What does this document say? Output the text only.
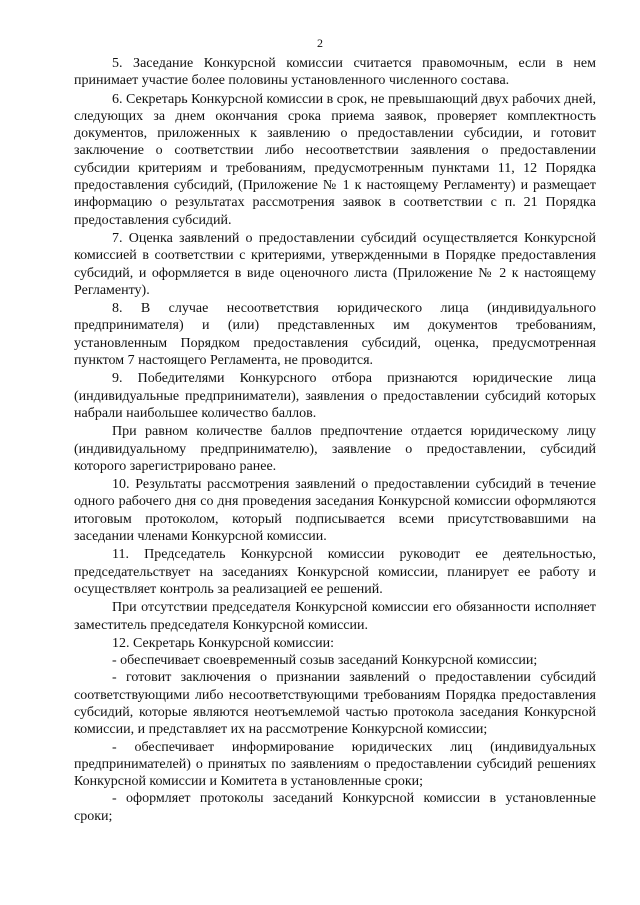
2

5. Заседание Конкурсной комиссии считается правомочным, если в нем принимает участие более половины установленного численного состава.

6. Секретарь Конкурсной комиссии в срок, не превышающий двух рабочих дней, следующих за днем окончания срока приема заявок, проверяет комплектность документов, приложенных к заявлению о предоставлении субсидии, и готовит заключение о соответствии либо несоответствии заявления о предоставлении субсидии критериям и требованиям, предусмотренным пунктами 11, 12 Порядка предоставления субсидий, (Приложение № 1 к настоящему Регламенту) и размещает информацию о результатах рассмотрения заявок в соответствии с п. 21 Порядка предоставления субсидий.

7. Оценка заявлений о предоставлении субсидий осуществляется Конкурсной комиссией в соответствии с критериями, утвержденными в Порядке предоставления субсидий, и оформляется в виде оценочного листа (Приложение № 2 к настоящему Регламенту).

8. В случае несоответствия юридического лица (индивидуального предпринимателя) и (или) представленных им документов требованиям, установленным Порядком предоставления субсидий, оценка, предусмотренная пунктом 7 настоящего Регламента, не проводится.

9. Победителями Конкурсного отбора признаются юридические лица (индивидуальные предприниматели), заявления о предоставлении субсидий которых набрали наибольшее количество баллов.

При равном количестве баллов предпочтение отдается юридическому лицу (индивидуальному предпринимателю), заявление о предоставлении, субсидий которого зарегистрировано ранее.

10. Результаты рассмотрения заявлений о предоставлении субсидий в течение одного рабочего дня со дня проведения заседания Конкурсной комиссии оформляются итоговым протоколом, который подписывается всеми присутствовавшими на заседании членами Конкурсной комиссии.

11. Председатель Конкурсной комиссии руководит ее деятельностью, председательствует на заседаниях Конкурсной комиссии, планирует ее работу и осуществляет контроль за реализацией ее решений.

При отсутствии председателя Конкурсной комиссии его обязанности исполняет заместитель председателя Конкурсной комиссии.

12. Секретарь Конкурсной комиссии:

- обеспечивает своевременный созыв заседаний Конкурсной комиссии;

- готовит заключения о признании заявлений о предоставлении субсидий соответствующими либо несоответствующими требованиям Порядка предоставления субсидий, которые являются неотъемлемой частью протокола заседания Конкурсной комиссии, и представляет их на рассмотрение Конкурсной комиссии;

- обеспечивает информирование юридических лиц (индивидуальных предпринимателей) о принятых по заявлениям о предоставлении субсидий решениях Конкурсной комиссии и Комитета в установленные сроки;

- оформляет протоколы заседаний Конкурсной комиссии в установленные сроки;
